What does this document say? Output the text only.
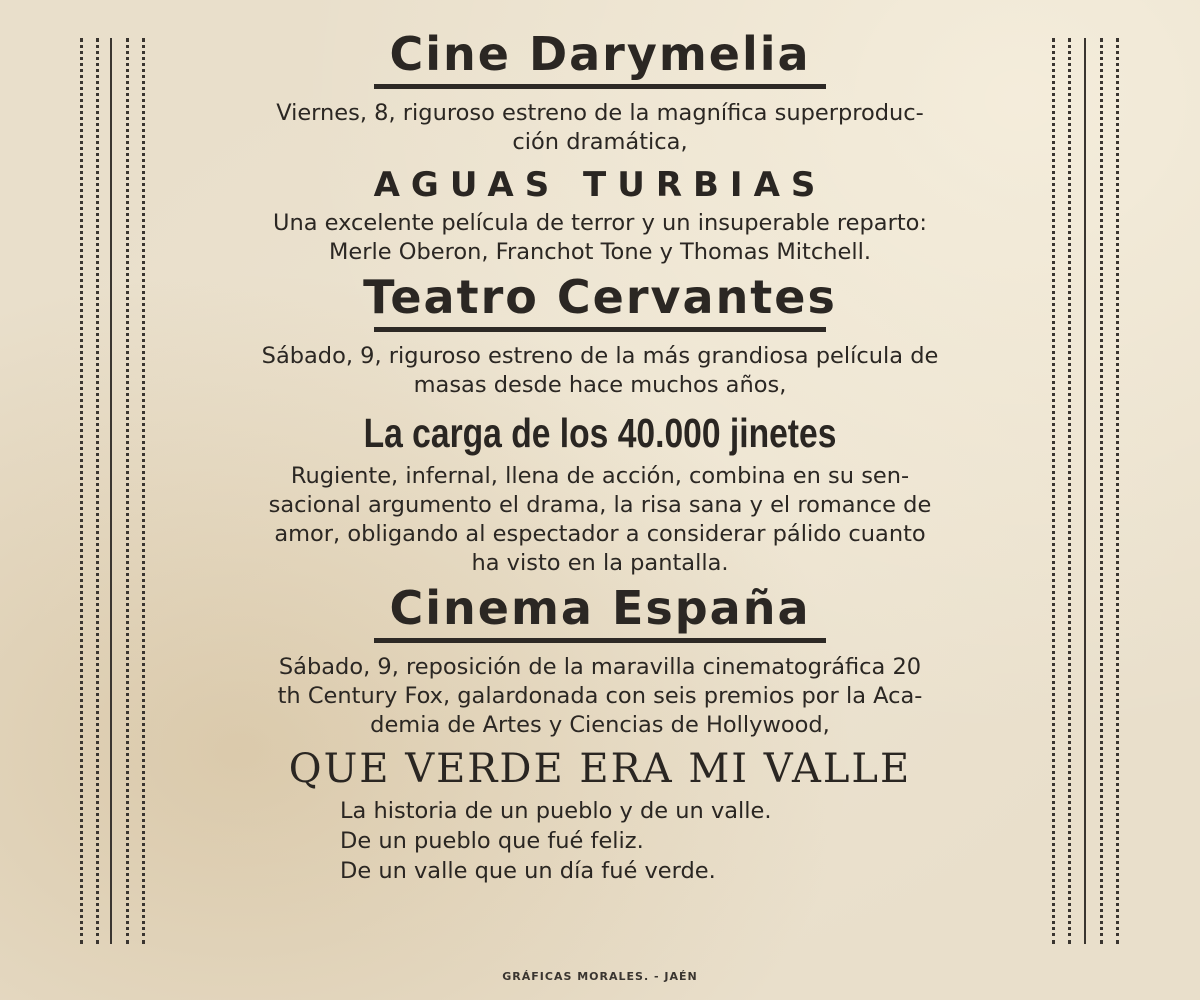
Cine Darymelia

Viernes, 8, riguroso estreno de la magnífica superproduc-

ción dramática,

AGUAS TURBIAS

Una excelente película de terror y un insuperable reparto:

Merle Oberon, Franchot Tone y Thomas Mitchell.

Teatro Cervantes

Sábado, 9, riguroso estreno de la más grandiosa película de

masas desde hace muchos años,

La carga de los 40.000 jinetes

Rugiente, infernal, llena de acción, combina en su sen-

sacional argumento el drama, la risa sana y el romance de

amor, obligando al espectador a considerar pálido cuanto

ha visto en la pantalla.

Cinema España

Sábado, 9, reposición de la maravilla cinematográfica 20

th Century Fox, galardonada con seis premios por la Aca-

demia de Artes y Ciencias de Hollywood,

QUE VERDE ERA MI VALLE

La historia de un pueblo y de un valle.

De un pueblo que fué feliz.

De un valle que un día fué verde.

GRÁFICAS MORALES. - JAÉN
